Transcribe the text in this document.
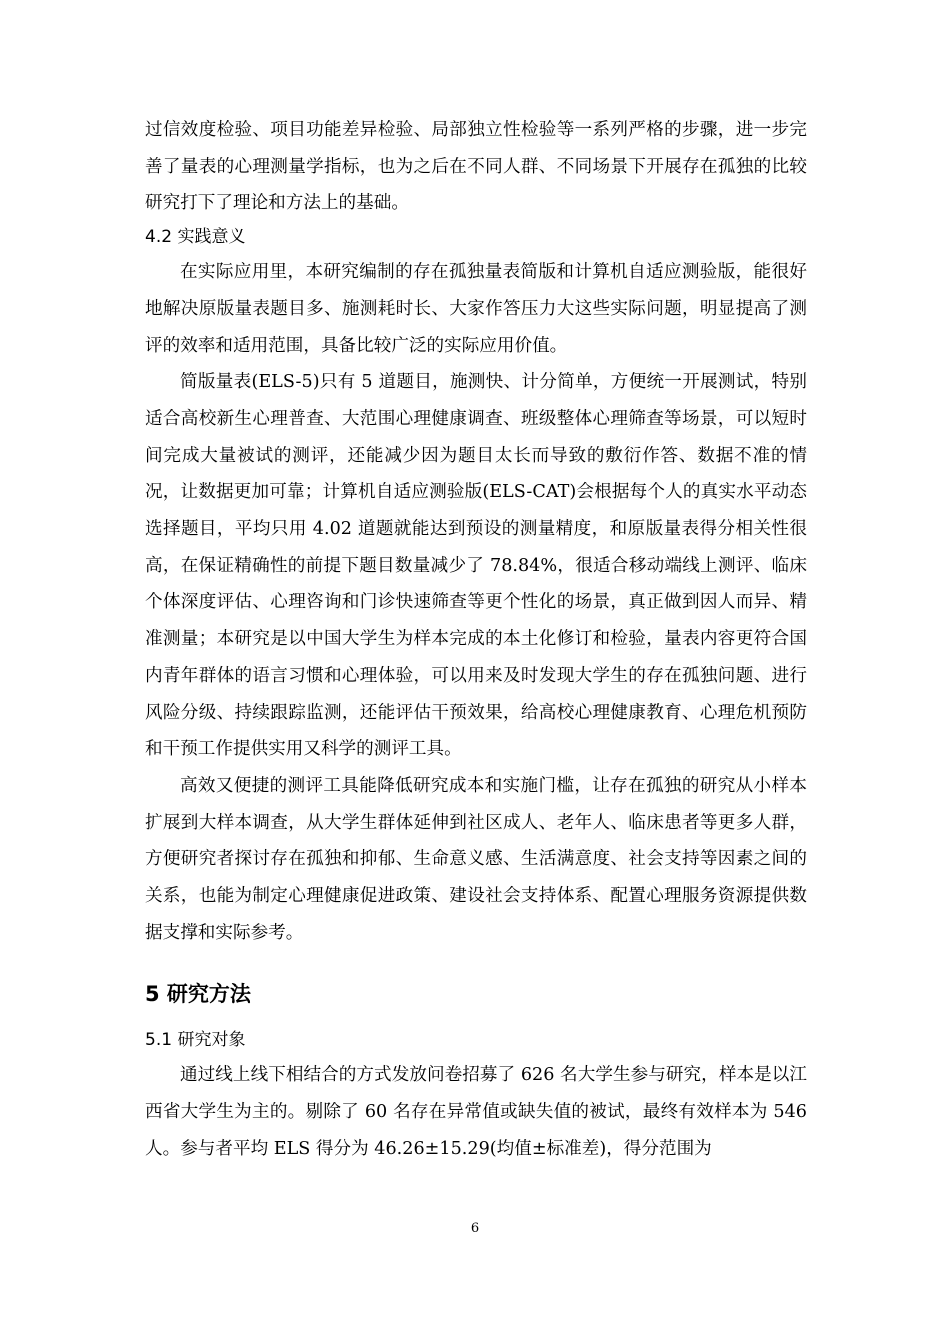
过信效度检验、项目功能差异检验、局部独立性检验等一系列严格的步骤，进一步完善了量表的心理测量学指标，也为之后在不同人群、不同场景下开展存在孤独的比较研究打下了理论和方法上的基础。

4.2 实践意义

在实际应用里，本研究编制的存在孤独量表简版和计算机自适应测验版，能很好地解决原版量表题目多、施测耗时长、大家作答压力大这些实际问题，明显提高了测评的效率和适用范围，具备比较广泛的实际应用价值。

简版量表(ELS-5)只有 5 道题目，施测快、计分简单，方便统一开展测试，特别适合高校新生心理普查、大范围心理健康调查、班级整体心理筛查等场景，可以短时间完成大量被试的测评，还能减少因为题目太长而导致的敷衍作答、数据不准的情况，让数据更加可靠；计算机自适应测验版(ELS-CAT)会根据每个人的真实水平动态选择题目，平均只用 4.02 道题就能达到预设的测量精度，和原版量表得分相关性很高，在保证精确性的前提下题目数量减少了 78.84%，很适合移动端线上测评、临床个体深度评估、心理咨询和门诊快速筛查等更个性化的场景，真正做到因人而异、精准测量；本研究是以中国大学生为样本完成的本土化修订和检验，量表内容更符合国内青年群体的语言习惯和心理体验，可以用来及时发现大学生的存在孤独问题、进行风险分级、持续跟踪监测，还能评估干预效果，给高校心理健康教育、心理危机预防和干预工作提供实用又科学的测评工具。

高效又便捷的测评工具能降低研究成本和实施门槛，让存在孤独的研究从小样本扩展到大样本调查，从大学生群体延伸到社区成人、老年人、临床患者等更多人群，方便研究者探讨存在孤独和抑郁、生命意义感、生活满意度、社会支持等因素之间的关系，也能为制定心理健康促进政策、建设社会支持体系、配置心理服务资源提供数据支撑和实际参考。

5 研究方法
5.1 研究对象

通过线上线下相结合的方式发放问卷招募了 626 名大学生参与研究，样本是以江西省大学生为主的。剔除了 60 名存在异常值或缺失值的被试，最终有效样本为 546 人。参与者平均 ELS 得分为 46.26±15.29(均值±标准差)，得分范围为

6
